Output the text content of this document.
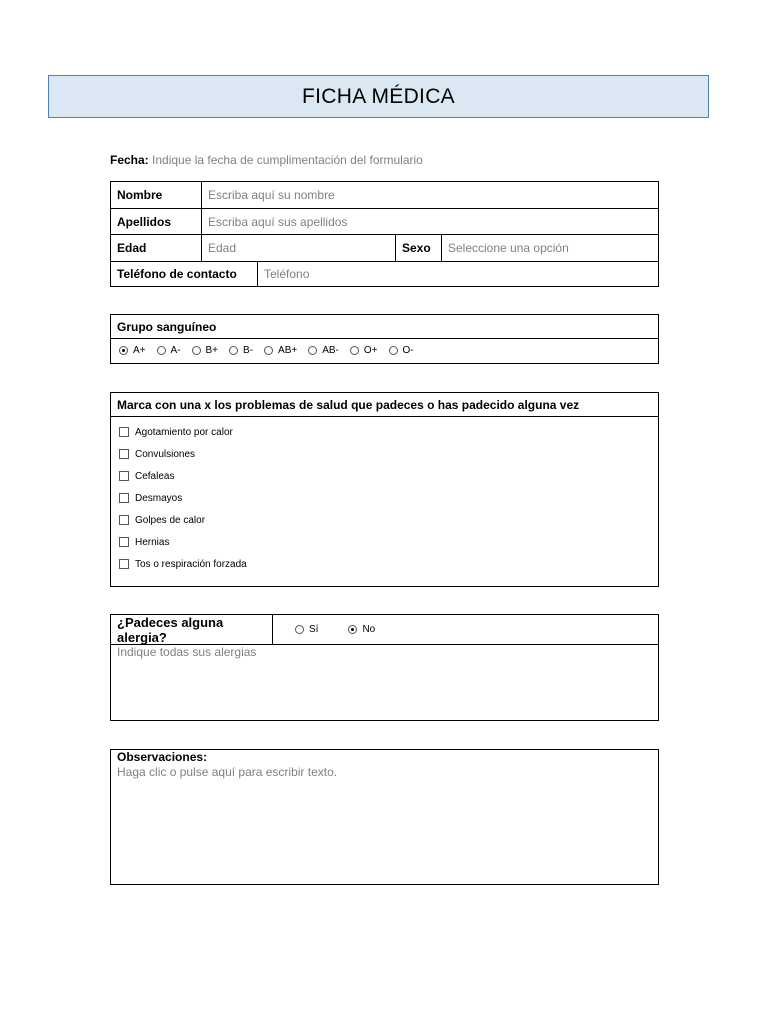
FICHA MÉDICA
Fecha: Indique la fecha de cumplimentación del formulario
Nombre	Escriba aquí su nombre
Apellidos	Escriba aquí sus apellidos
Edad	Edad	Sexo	Seleccione una opción
Teléfono de contacto	Teléfono
Grupo sanguíneo
A+	A-	B+	B-	AB+	AB-	O+	O-
Marca con una x los problemas de salud que padeces o has padecido alguna vez
Agotamiento por calor
Convulsiones
Cefaleas
Desmayos
Golpes de calor
Hernias
Tos o respiración forzada
¿Padeces alguna alergia?	Sí	No
Indique todas sus alergias
Observaciones:
Haga clic o pulse aquí para escribir texto.
